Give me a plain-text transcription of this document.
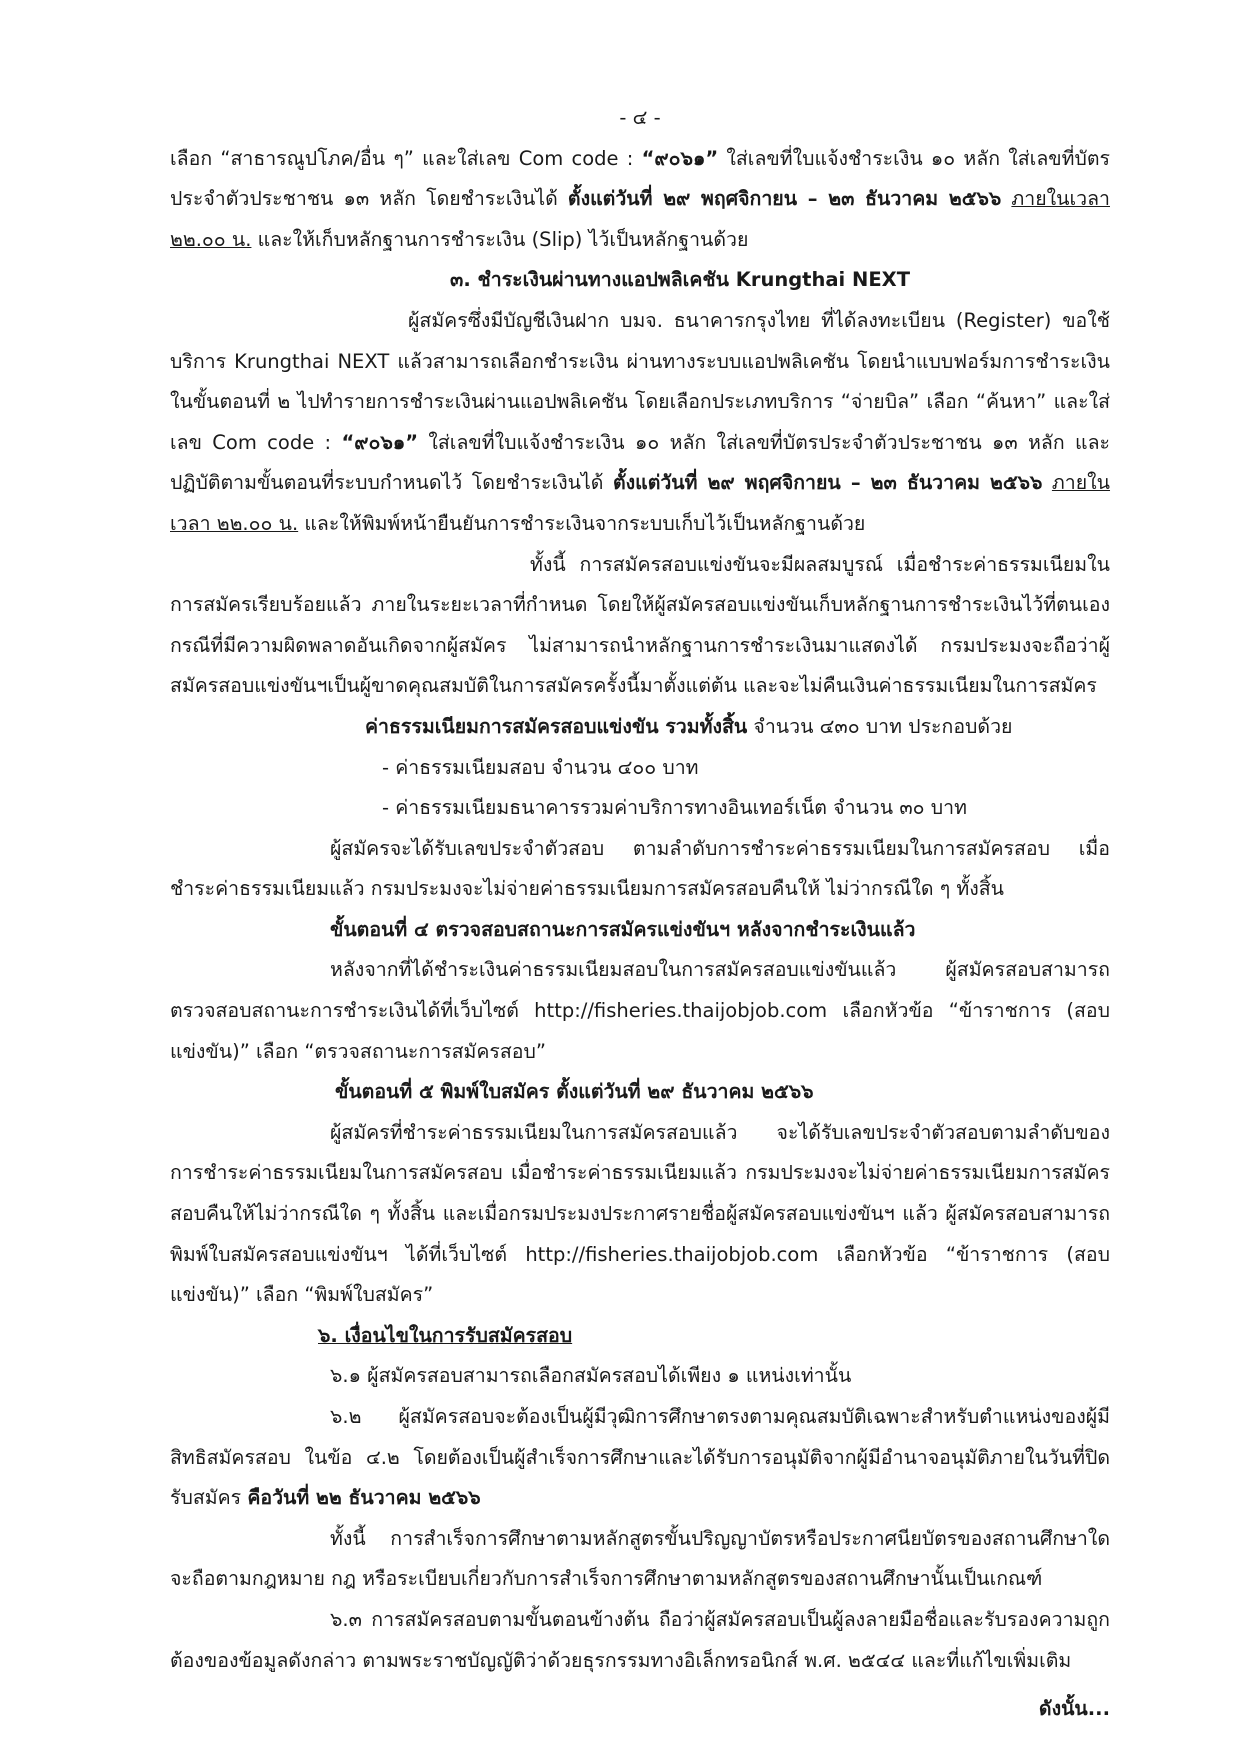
- ๔ -

เลือก “สาธารณูปโภค/อื่น ๆ” และใส่เลข Com code : “๙๐๖๑” ใส่เลขที่ใบแจ้งชำระเงิน ๑๐ หลัก ใส่เลขที่บัตรประจำตัวประชาชน ๑๓ หลัก โดยชำระเงินได้ ตั้งแต่วันที่ ๒๙ พฤศจิกายน – ๒๓ ธันวาคม ๒๕๖๖ ภายในเวลา ๒๒.๐๐ น. และให้เก็บหลักฐานการชำระเงิน (Slip) ไว้เป็นหลักฐานด้วย

๓. ชำระเงินผ่านทางแอปพลิเคชัน Krungthai NEXT

ผู้สมัครซึ่งมีบัญชีเงินฝาก บมจ. ธนาคารกรุงไทย ที่ได้ลงทะเบียน (Register) ขอใช้บริการ Krungthai NEXT แล้วสามารถเลือกชำระเงิน ผ่านทางระบบแอปพลิเคชัน โดยนำแบบฟอร์มการชำระเงินในขั้นตอนที่ ๒ ไปทำรายการชำระเงินผ่านแอปพลิเคชัน โดยเลือกประเภทบริการ “จ่ายบิล” เลือก “ค้นหา” และใส่เลข Com code : “๙๐๖๑” ใส่เลขที่ใบแจ้งชำระเงิน ๑๐ หลัก ใส่เลขที่บัตรประจำตัวประชาชน ๑๓ หลัก และปฏิบัติตามขั้นตอนที่ระบบกำหนดไว้ โดยชำระเงินได้ ตั้งแต่วันที่ ๒๙ พฤศจิกายน – ๒๓ ธันวาคม ๒๕๖๖ ภายในเวลา ๒๒.๐๐ น. และให้พิมพ์หน้ายืนยันการชำระเงินจากระบบเก็บไว้เป็นหลักฐานด้วย

ทั้งนี้ การสมัครสอบแข่งขันจะมีผลสมบูรณ์ เมื่อชำระค่าธรรมเนียมในการสมัครเรียบร้อยแล้ว ภายในระยะเวลาที่กำหนด โดยให้ผู้สมัครสอบแข่งขันเก็บหลักฐานการชำระเงินไว้ที่ตนเอง กรณีที่มีความผิดพลาดอันเกิดจากผู้สมัคร ไม่สามารถนำหลักฐานการชำระเงินมาแสดงได้ กรมประมงจะถือว่าผู้สมัครสอบแข่งขันฯเป็นผู้ขาดคุณสมบัติในการสมัครครั้งนี้มาตั้งแต่ต้น และจะไม่คืนเงินค่าธรรมเนียมในการสมัคร

ค่าธรรมเนียมการสมัครสอบแข่งขัน รวมทั้งสิ้น จำนวน ๔๓๐ บาท ประกอบด้วย

- ค่าธรรมเนียมสอบ จำนวน ๔๐๐ บาท

- ค่าธรรมเนียมธนาคารรวมค่าบริการทางอินเทอร์เน็ต จำนวน ๓๐ บาท

ผู้สมัครจะได้รับเลขประจำตัวสอบ ตามลำดับการชำระค่าธรรมเนียมในการสมัครสอบ เมื่อชำระค่าธรรมเนียมแล้ว กรมประมงจะไม่จ่ายค่าธรรมเนียมการสมัครสอบคืนให้ ไม่ว่ากรณีใด ๆ ทั้งสิ้น

ขั้นตอนที่ ๔ ตรวจสอบสถานะการสมัครแข่งขันฯ หลังจากชำระเงินแล้ว

หลังจากที่ได้ชำระเงินค่าธรรมเนียมสอบในการสมัครสอบแข่งขันแล้ว ผู้สมัครสอบสามารถตรวจสอบสถานะการชำระเงินได้ที่เว็บไซต์ http://fisheries.thaijobjob.com เลือกหัวข้อ “ข้าราชการ (สอบแข่งขัน)” เลือก “ตรวจสถานะการสมัครสอบ”

ขั้นตอนที่ ๕ พิมพ์ใบสมัคร ตั้งแต่วันที่ ๒๙ ธันวาคม ๒๕๖๖

ผู้สมัครที่ชำระค่าธรรมเนียมในการสมัครสอบแล้ว จะได้รับเลขประจำตัวสอบตามลำดับของการชำระค่าธรรมเนียมในการสมัครสอบ เมื่อชำระค่าธรรมเนียมแล้ว กรมประมงจะไม่จ่ายค่าธรรมเนียมการสมัครสอบคืนให้ไม่ว่ากรณีใด ๆ ทั้งสิ้น และเมื่อกรมประมงประกาศรายชื่อผู้สมัครสอบแข่งขันฯ แล้ว ผู้สมัครสอบสามารถพิมพ์ใบสมัครสอบแข่งขันฯ ได้ที่เว็บไซต์ http://fisheries.thaijobjob.com เลือกหัวข้อ “ข้าราชการ (สอบแข่งขัน)” เลือก “พิมพ์ใบสมัคร”

๖. เงื่อนไขในการรับสมัครสอบ

๖.๑ ผู้สมัครสอบสามารถเลือกสมัครสอบได้เพียง ๑ แหน่งเท่านั้น

๖.๒ ผู้สมัครสอบจะต้องเป็นผู้มีวุฒิการศึกษาตรงตามคุณสมบัติเฉพาะสำหรับตำแหน่งของผู้มีสิทธิสมัครสอบ ในข้อ ๔.๒ โดยต้องเป็นผู้สำเร็จการศึกษาและได้รับการอนุมัติจากผู้มีอำนาจอนุมัติภายในวันที่ปิดรับสมัคร คือวันที่ ๒๒ ธันวาคม ๒๕๖๖

ทั้งนี้ การสำเร็จการศึกษาตามหลักสูตรขั้นปริญญาบัตรหรือประกาศนียบัตรของสถานศึกษาใดจะถือตามกฎหมาย กฎ หรือระเบียบเกี่ยวกับการสำเร็จการศึกษาตามหลักสูตรของสถานศึกษานั้นเป็นเกณฑ์

๖.๓ การสมัครสอบตามขั้นตอนข้างต้น ถือว่าผู้สมัครสอบเป็นผู้ลงลายมือชื่อและรับรองความถูกต้องของข้อมูลดังกล่าว ตามพระราชบัญญัติว่าด้วยธุรกรรมทางอิเล็กทรอนิกส์ พ.ศ. ๒๕๔๔ และที่แก้ไขเพิ่มเติม

ดังนั้น...
